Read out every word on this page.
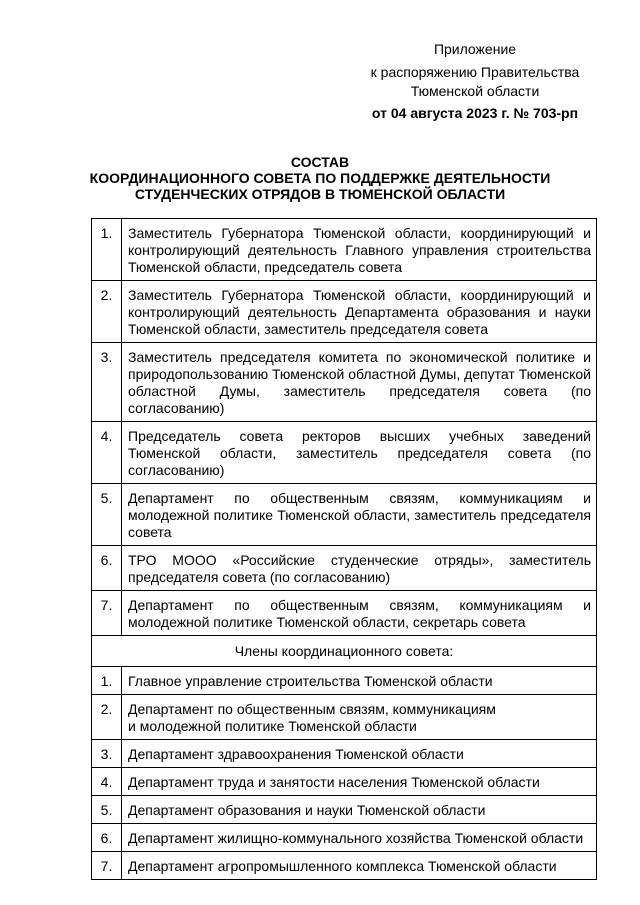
Приложение
к распоряжению Правительства
Тюменской области
от 04 августа 2023 г. № 703-рп
СОСТАВ
КООРДИНАЦИОННОГО СОВЕТА ПО ПОДДЕРЖКЕ ДЕЯТЕЛЬНОСТИ
СТУДЕНЧЕСКИХ ОТРЯДОВ В ТЮМЕНСКОЙ ОБЛАСТИ
1.	Заместитель Губернатора Тюменской области, координирующий и контролирующий деятельность Главного управления строительства Тюменской области, председатель совета
2.	Заместитель Губернатора Тюменской области, координирующий и контролирующий деятельность Департамента образования и науки Тюменской области, заместитель председателя совета
3.	Заместитель председателя комитета по экономической политике и природопользованию Тюменской областной Думы, депутат Тюменской областной Думы, заместитель председателя совета (по согласованию)
4.	Председатель совета ректоров высших учебных заведений Тюменской области, заместитель председателя совета (по согласованию)
5.	Департамент по общественным связям, коммуникациям и молодежной политике Тюменской области, заместитель председателя совета
6.	ТРО МООО «Российские студенческие отряды», заместитель председателя совета (по согласованию)
7.	Департамент по общественным связям, коммуникациям и молодежной политике Тюменской области, секретарь совета
Члены координационного совета:	
1.	Главное управление строительства Тюменской области
2.	Департамент по общественным связям, коммуникациям и молодежной политике Тюменской области
3.	Департамент здравоохранения Тюменской области
4.	Департамент труда и занятости населения Тюменской области
5.	Департамент образования и науки Тюменской области
6.	Департамент жилищно-коммунального хозяйства Тюменской области
7.	Департамент агропромышленного комплекса Тюменской области
